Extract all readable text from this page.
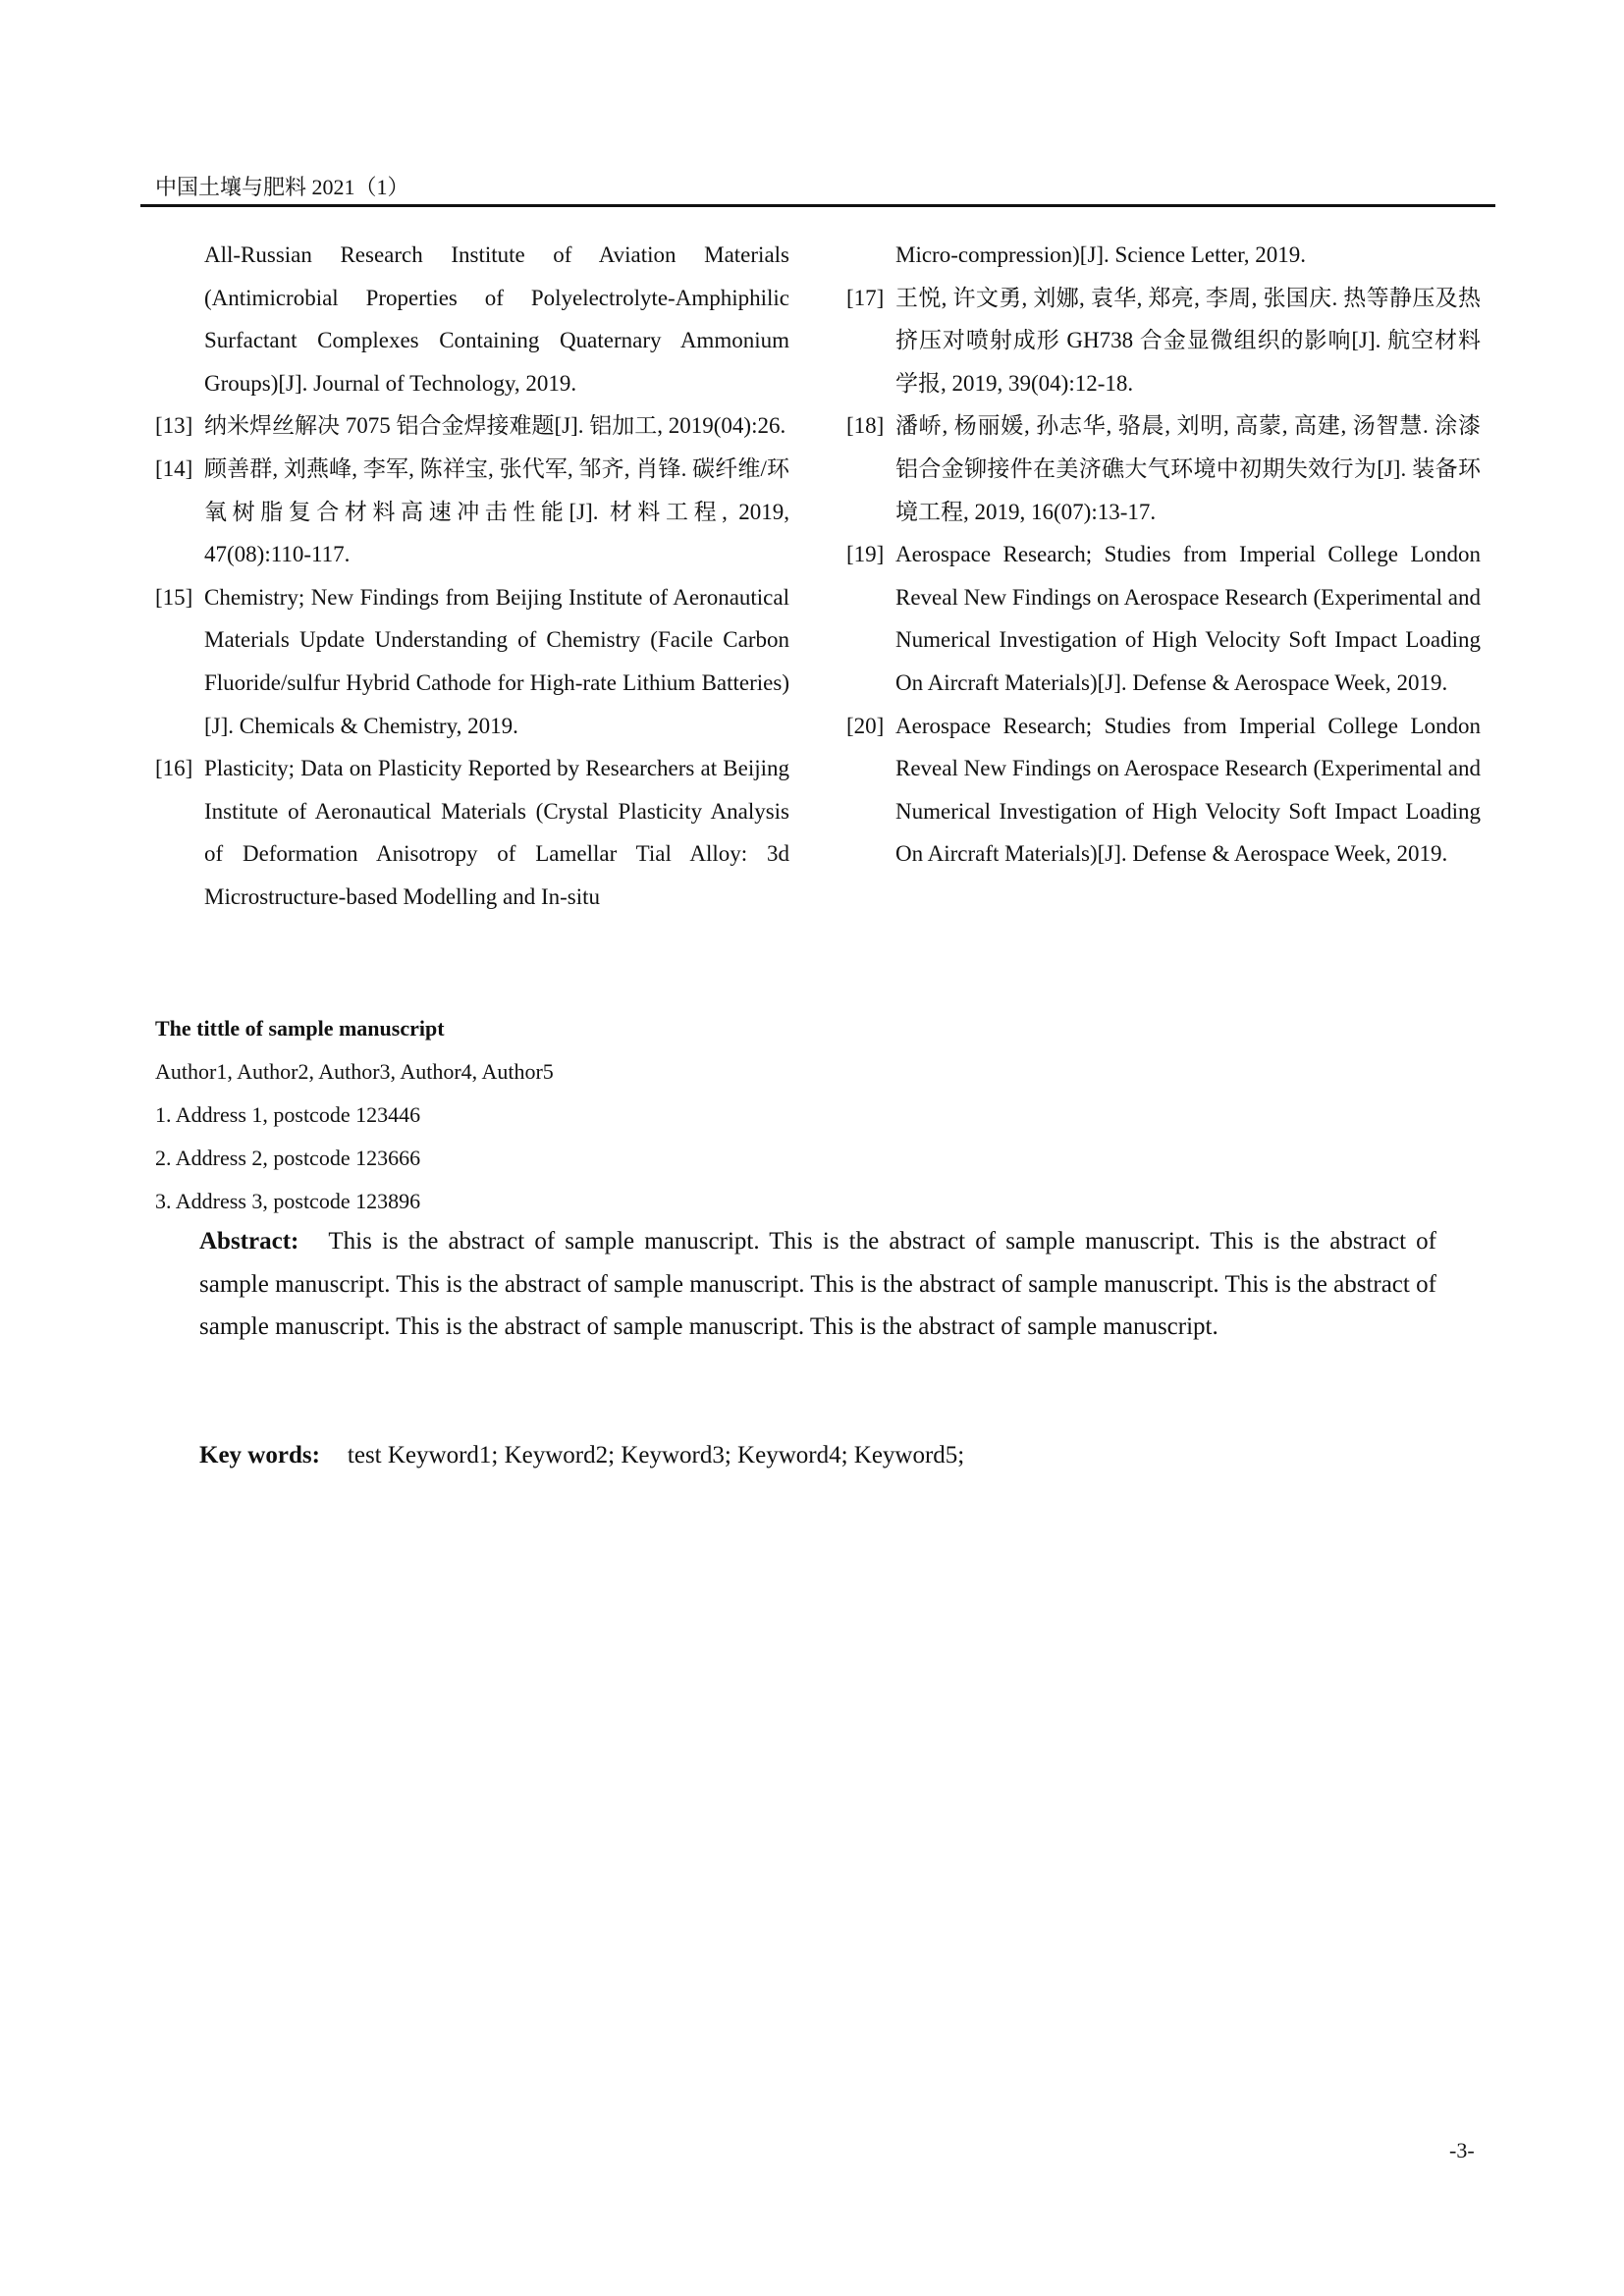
中国土壤与肥料 2021（1）

All-Russian Research Institute of Aviation Materials (Antimicrobial Properties of Polyelectrolyte-Amphiphilic Surfactant Complexes Containing Quaternary Ammonium Groups)[J]. Journal of Technology, 2019.

[13] 纳米焊丝解决 7075 铝合金焊接难题[J]. 铝加工, 2019(04):26.

[14] 顾善群, 刘燕峰, 李军, 陈祥宝, 张代军, 邹齐, 肖锋. 碳纤维/环氧树脂复合材料高速冲击性能[J]. 材料工程, 2019, 47(08):110-117.

[15] Chemistry; New Findings from Beijing Institute of Aeronautical Materials Update Understanding of Chemistry (Facile Carbon Fluoride/sulfur Hybrid Cathode for High-rate Lithium Batteries)[J]. Chemicals & Chemistry, 2019.

[16] Plasticity; Data on Plasticity Reported by Researchers at Beijing Institute of Aeronautical Materials (Crystal Plasticity Analysis of Deformation Anisotropy of Lamellar Tial Alloy: 3d Microstructure-based Modelling and In-situ

Micro-compression)[J]. Science Letter, 2019.

[17] 王悦, 许文勇, 刘娜, 袁华, 郑亮, 李周, 张国庆. 热等静压及热挤压对喷射成形 GH738 合金显微组织的影响[J]. 航空材料学报, 2019, 39(04):12-18.

[18] 潘峤, 杨丽媛, 孙志华, 骆晨, 刘明, 高蒙, 高建, 汤智慧. 涂漆铝合金铆接件在美济礁大气环境中初期失效行为[J]. 装备环境工程, 2019, 16(07):13-17.

[19] Aerospace Research; Studies from Imperial College London Reveal New Findings on Aerospace Research (Experimental and Numerical Investigation of High Velocity Soft Impact Loading On Aircraft Materials)[J]. Defense & Aerospace Week, 2019.

[20] Aerospace Research; Studies from Imperial College London Reveal New Findings on Aerospace Research (Experimental and Numerical Investigation of High Velocity Soft Impact Loading On Aircraft Materials)[J]. Defense & Aerospace Week, 2019.

The tittle of sample manuscript
Author1, Author2, Author3, Author4, Author5
1. Address 1, postcode 123446
2. Address 2, postcode 123666
3. Address 3, postcode 123896
Abstract: This is the abstract of sample manuscript. This is the abstract of sample manuscript. This is the abstract of sample manuscript. This is the abstract of sample manuscript. This is the abstract of sample manuscript. This is the abstract of sample manuscript. This is the abstract of sample manuscript. This is the abstract of sample manuscript.
Key words: test Keyword1; Keyword2; Keyword3; Keyword4; Keyword5;
-3-
